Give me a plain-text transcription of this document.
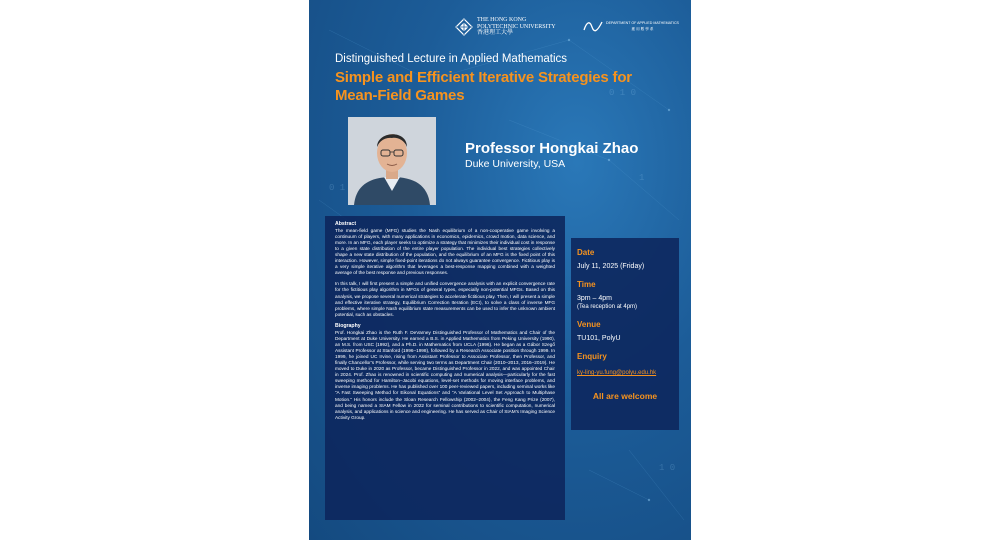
0 1 0
1
0 1
1 0
THE HONG KONG
POLYTECHNIC UNIVERSITY
香港理工大學
DEPARTMENT OF APPLIED MATHEMATICS
應 用 數 學 系
Distinguished Lecture in Applied Mathematics
Simple and Efficient Iterative Strategies for
Mean-Field Games
Professor Hongkai Zhao
Duke University, USA
Abstract

The mean-field game (MFG) studies the Nash equilibrium of a non-cooperative game involving a continuum of players, with many applications in economics, epidemics, crowd motion, data science, and more. In an MFG, each player seeks to optimize a strategy that minimizes their individual cost in response to a given state distribution of the entire player population. The individual best strategies collectively shape a new state distribution of the population, and the equilibrium of an MFG is the fixed point of this interaction. However, simple fixed-point iterations do not always guarantee convergence. Fictitious play is a very simple iterative algorithm that leverages a best-response mapping combined with a weighted average of the best response and previous responses.

In this talk, I will first present a simple and unified convergence analysis with an explicit convergence rate for the fictitious play algorithm in MFGs of general types, especially non-potential MFGs. Based on this analysis, we propose several numerical strategies to accelerate fictitious play. Then, I will present a simple and effective iterative strategy, Equilibrium Correction Iteration (ECI), to solve a class of inverse MFG problems, where simple Nash equilibrium state measurements can be used to infer the unknown ambient potential, such as obstacles.

Biography

Prof. Hongkai Zhao is the Ruth F. DeVarney Distinguished Professor of Mathematics and Chair of the Department at Duke University. He earned a B.S. in Applied Mathematics from Peking University (1990), an M.S. from USC (1992), and a Ph.D. in Mathematics from UCLA (1996). He began as a Gábor Szegő Assistant Professor at Stanford (1996–1998), followed by a Research Associate position through 1999. In 1999, he joined UC Irvine, rising from Assistant Professor to Associate Professor, then Professor, and finally Chancellor's Professor, while serving two terms as Department Chair (2010–2013, 2016–2019). He moved to Duke in 2020 as Professor, became Distinguished Professor in 2022, and was appointed Chair in 2024. Prof. Zhao is renowned in scientific computing and numerical analysis—particularly for the fast sweeping method for Hamilton–Jacobi equations, level-set methods for moving interface problems, and inverse imaging problems. He has published over 100 peer-reviewed papers, including seminal works like “A Fast Sweeping Method for Eikonal Equations” and “A Variational Level Set Approach to Multiphase Motion.” His honors include the Sloan Research Fellowship (2002–2004), the Feng Kang Prize (2007), and being named a SIAM Fellow in 2022 for seminal contributions to scientific computation, numerical analysis, and applications in science and engineering. He has served as Chair of SIAM's Imaging Science Activity Group.

Date
July 11, 2025 (Friday)
Time
3pm – 4pm
(Tea reception at 4pm)
Venue
TU101, PolyU
Enquiry
ky-ling-yu.fung@polyu.edu.hk
All are welcome
